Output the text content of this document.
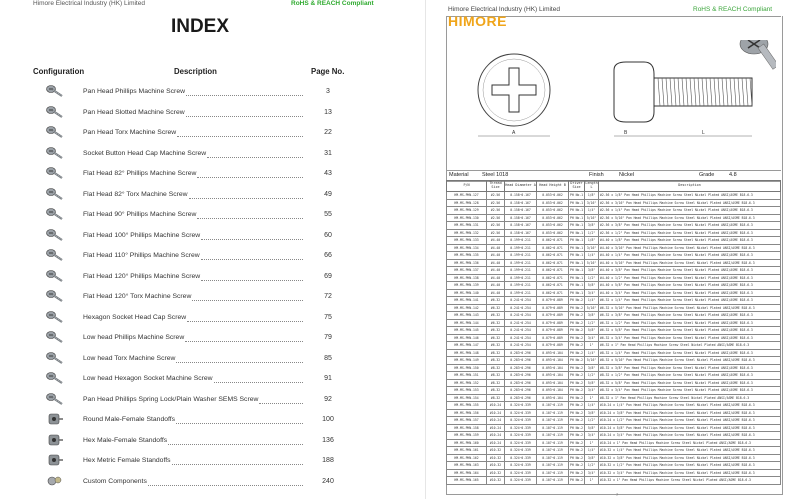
Himore Electrical Industry (HK) Limited	RoHS & REACH Compliant
INDEX
Configuration	Description	Page No.
Pan Head Phillips Machine Screw	3
Pan Head Slotted Machine Screw	13
Pan Head Torx Machine Screw	22
Socket Button Head Cap Machine Screw	31
Flat Head 82° Phillips Machine Screw	43
Flat Head 82° Torx Machine Screw	49
Flat Head 90° Phillips Machine Screw	55
Flat Head 100° Phillips Machine Screw	60
Flat Head 110° Phillips Machine Screw	66
Flat Head 120° Phillips Machine Screw	69
Flat Head 120° Torx Machine Screw	72
Hexagon Socket Head Cap Screw	75
Low head Phillips Machine Screw	79
Low head Torx Machine Screw	85
Low head Hexagon Socket Machine Screw	91
Pan Head Phillips Spring Lock/Plain Washer SEMS Screw	92
Round Male-Female Standoffs	100
Hex Male-Female Standoffs	136
Hex Metric Female Standoffs	188
Custom Components	240
Himore Electrical Industry (HK) Limited	RoHS & REACH Compliant
HIMORE
A	B	L
Material Steel 1018	Finish	Nickel	Grade	4.8
P/N	Thread Size	Head Diameter A	Head Height B	Driver Size	Length L	Description
HM-MS-PHN-127	#2-56	0.158~0.167	0.053~0.062	PH No.1	1/8"	#2-56 x 1/8" Pan Head Phillips Machine Screw Steel Nickel Plated ANSI/ASME B18.6.3
HM-MS-PHN-128	#2-56	0.158~0.167	0.053~0.062	PH No.1	3/16"	#2-56 x 3/16" Pan Head Phillips Machine Screw Steel Nickel Plated ANSI/ASME B18.6.3
HM-MS-PHN-129	#2-56	0.158~0.167	0.053~0.062	PH No.1	1/4"	#2-56 x 1/4" Pan Head Phillips Machine Screw Steel Nickel Plated ANSI/ASME B18.6.3
HM-MS-PHN-130	#2-56	0.158~0.167	0.053~0.062	PH No.1	5/16"	#2-56 x 5/16" Pan Head Phillips Machine Screw Steel Nickel Plated ANSI/ASME B18.6.3
HM-MS-PHN-131	#2-56	0.158~0.167	0.053~0.062	PH No.1	3/8"	#2-56 x 3/8" Pan Head Phillips Machine Screw Steel Nickel Plated ANSI/ASME B18.6.3
HM-MS-PHN-132	#2-56	0.158~0.167	0.053~0.062	PH No.1	1/2"	#2-56 x 1/2" Pan Head Phillips Machine Screw Steel Nickel Plated ANSI/ASME B18.6.3
HM-MS-PHN-133	#4-40	0.199~0.211	0.062~0.071	PH No.1	1/8"	#4-40 x 1/8" Pan Head Phillips Machine Screw Steel Nickel Plated ANSI/ASME B18.6.3
HM-MS-PHN-134	#4-40	0.199~0.211	0.062~0.071	PH No.1	3/16"	#4-40 x 3/16" Pan Head Phillips Machine Screw Steel Nickel Plated ANSI/ASME B18.6.3
HM-MS-PHN-135	#4-40	0.199~0.211	0.062~0.071	PH No.1	1/4"	#4-40 x 1/4" Pan Head Phillips Machine Screw Steel Nickel Plated ANSI/ASME B18.6.3
HM-MS-PHN-136	#4-40	0.199~0.211	0.062~0.071	PH No.1	5/16"	#4-40 x 5/16" Pan Head Phillips Machine Screw Steel Nickel Plated ANSI/ASME B18.6.3
HM-MS-PHN-137	#4-40	0.199~0.211	0.062~0.071	PH No.1	3/8"	#4-40 x 3/8" Pan Head Phillips Machine Screw Steel Nickel Plated ANSI/ASME B18.6.3
HM-MS-PHN-138	#4-40	0.199~0.211	0.062~0.071	PH No.1	1/2"	#4-40 x 1/2" Pan Head Phillips Machine Screw Steel Nickel Plated ANSI/ASME B18.6.3
HM-MS-PHN-139	#4-40	0.199~0.211	0.062~0.071	PH No.1	5/8"	#4-40 x 5/8" Pan Head Phillips Machine Screw Steel Nickel Plated ANSI/ASME B18.6.3
HM-MS-PHN-140	#4-40	0.199~0.211	0.062~0.071	PH No.1	3/4"	#4-40 x 3/4" Pan Head Phillips Machine Screw Steel Nickel Plated ANSI/ASME B18.6.3
HM-MS-PHN-141	#6-32	0.241~0.254	0.079~0.089	PH No.2	1/4"	#6-32 x 1/4" Pan Head Phillips Machine Screw Steel Nickel Plated ANSI/ASME B18.6.3
HM-MS-PHN-142	#6-32	0.241~0.254	0.079~0.089	PH No.2	5/16"	#6-32 x 5/16" Pan Head Phillips Machine Screw Steel Nickel Plated ANSI/ASME B18.6.3
HM-MS-PHN-143	#6-32	0.241~0.254	0.079~0.089	PH No.2	3/8"	#6-32 x 3/8" Pan Head Phillips Machine Screw Steel Nickel Plated ANSI/ASME B18.6.3
HM-MS-PHN-144	#6-32	0.241~0.254	0.079~0.089	PH No.2	1/2"	#6-32 x 1/2" Pan Head Phillips Machine Screw Steel Nickel Plated ANSI/ASME B18.6.3
HM-MS-PHN-145	#6-32	0.241~0.254	0.079~0.089	PH No.2	5/8"	#6-32 x 5/8" Pan Head Phillips Machine Screw Steel Nickel Plated ANSI/ASME B18.6.3
HM-MS-PHN-146	#6-32	0.241~0.254	0.079~0.089	PH No.2	3/4"	#6-32 x 3/4" Pan Head Phillips Machine Screw Steel Nickel Plated ANSI/ASME B18.6.3
HM-MS-PHN-147	#6-32	0.241~0.254	0.079~0.089	PH No.2	1"	#6-32 x 1" Pan Head Phillips Machine Screw Steel Nickel Plated ANSI/ASME B18.6.3
HM-MS-PHN-148	#8-32	0.283~0.296	0.093~0.104	PH No.2	1/4"	#8-32 x 1/4" Pan Head Phillips Machine Screw Steel Nickel Plated ANSI/ASME B18.6.3
HM-MS-PHN-149	#8-32	0.283~0.296	0.093~0.104	PH No.2	5/16"	#8-32 x 5/16" Pan Head Phillips Machine Screw Steel Nickel Plated ANSI/ASME B18.6.3
HM-MS-PHN-150	#8-32	0.283~0.296	0.093~0.104	PH No.2	3/8"	#8-32 x 3/8" Pan Head Phillips Machine Screw Steel Nickel Plated ANSI/ASME B18.6.3
HM-MS-PHN-151	#8-32	0.283~0.296	0.093~0.104	PH No.2	1/2"	#8-32 x 1/2" Pan Head Phillips Machine Screw Steel Nickel Plated ANSI/ASME B18.6.3
HM-MS-PHN-152	#8-32	0.283~0.296	0.093~0.104	PH No.2	5/8"	#8-32 x 5/8" Pan Head Phillips Machine Screw Steel Nickel Plated ANSI/ASME B18.6.3
HM-MS-PHN-153	#8-32	0.283~0.296	0.093~0.104	PH No.2	3/4"	#8-32 x 3/4" Pan Head Phillips Machine Screw Steel Nickel Plated ANSI/ASME B18.6.3
HM-MS-PHN-154	#8-32	0.283~0.296	0.093~0.104	PH No.2	1"	#8-32 x 1" Pan Head Phillips Machine Screw Steel Nickel Plated ANSI/ASME B18.6.3
HM-MS-PHN-155	#10-24	0.324~0.339	0.107~0.119	PH No.2	1/4"	#10-24 x 1/4" Pan Head Phillips Machine Screw Steel Nickel Plated ANSI/ASME B18.6.3
HM-MS-PHN-156	#10-24	0.324~0.339	0.107~0.119	PH No.2	3/8"	#10-24 x 3/8" Pan Head Phillips Machine Screw Steel Nickel Plated ANSI/ASME B18.6.3
HM-MS-PHN-157	#10-24	0.324~0.339	0.107~0.119	PH No.2	1/2"	#10-24 x 1/2" Pan Head Phillips Machine Screw Steel Nickel Plated ANSI/ASME B18.6.3
HM-MS-PHN-158	#10-24	0.324~0.339	0.107~0.119	PH No.2	5/8"	#10-24 x 5/8" Pan Head Phillips Machine Screw Steel Nickel Plated ANSI/ASME B18.6.3
HM-MS-PHN-159	#10-24	0.324~0.339	0.107~0.119	PH No.2	3/4"	#10-24 x 3/4" Pan Head Phillips Machine Screw Steel Nickel Plated ANSI/ASME B18.6.3
HM-MS-PHN-160	#10-24	0.324~0.339	0.107~0.119	PH No.2	1"	#10-24 x 1" Pan Head Phillips Machine Screw Steel Nickel Plated ANSI/ASME B18.6.3
HM-MS-PHN-161	#10-32	0.324~0.339	0.107~0.119	PH No.2	1/4"	#10-32 x 1/4" Pan Head Phillips Machine Screw Steel Nickel Plated ANSI/ASME B18.6.3
HM-MS-PHN-162	#10-32	0.324~0.339	0.107~0.119	PH No.2	3/8"	#10-32 x 3/8" Pan Head Phillips Machine Screw Steel Nickel Plated ANSI/ASME B18.6.3
HM-MS-PHN-163	#10-32	0.324~0.339	0.107~0.119	PH No.2	1/2"	#10-32 x 1/2" Pan Head Phillips Machine Screw Steel Nickel Plated ANSI/ASME B18.6.3
HM-MS-PHN-164	#10-32	0.324~0.339	0.107~0.119	PH No.2	3/4"	#10-32 x 3/4" Pan Head Phillips Machine Screw Steel Nickel Plated ANSI/ASME B18.6.3
HM-MS-PHN-165	#10-32	0.324~0.339	0.107~0.119	PH No.2	1"	#10-32 x 1" Pan Head Phillips Machine Screw Steel Nickel Plated ANSI/ASME B18.6.3
7
